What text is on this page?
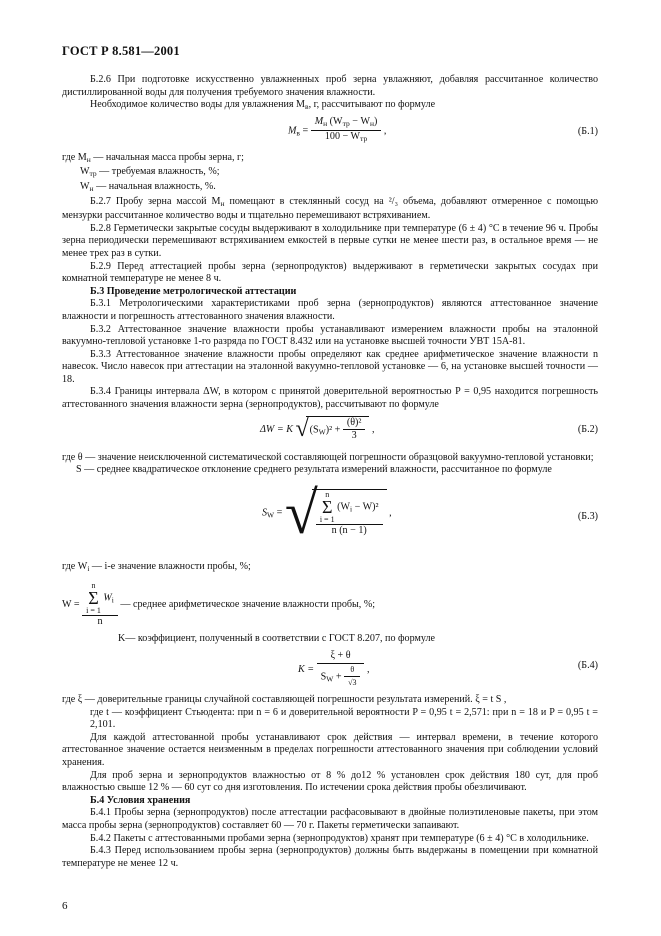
ГОСТ Р 8.581—2001

Б.2.6 При подготовке искусственно увлажненных проб зерна увлажняют, добавляя рассчитанное количество дистиллированной воды для получения требуемого значения влажности.

Необходимое количество воды для увлажнения $M_в$, г, рассчитывают по формуле

$M_в = \frac{M_н (W_{тр} - W_н)}{100 - W_{тр}}$ ,	(Б.1)

где $M_н$ — начальная масса пробы зерна, г;

$W_{тр}$ — требуемая влажность, %;

$W_н$ — начальная влажность, %.

Б.2.7 Пробу зерна массой $M_н$ помещают в стеклянный сосуд на ²/₃ объема, добавляют отмеренное с помощью мензурки рассчитанное количество воды и тщательно перемешивают встряхиванием.

Б.2.8 Герметически закрытые сосуды выдерживают в холодильнике при температуре (6 ± 4) °С в течение 96 ч. Пробы зерна периодически перемешивают встряхиванием емкостей в первые сутки не менее шести раз, в остальное время — не менее трех раз в сутки.

Б.2.9 Перед аттестацией пробы зерна (зернопродуктов) выдерживают в герметически закрытых сосудах при комнатной температуре не менее 8 ч.

Б.3 Проведение метрологической аттестации

Б.3.1 Метрологическими характеристиками проб зерна (зернопродуктов) являются аттестованное значение влажности и погрешность аттестованного значения влажности.

Б.3.2 Аттестованное значение влажности пробы устанавливают измерением влажности пробы на эталонной вакуумно-тепловой установке 1-го разряда по ГОСТ 8.432 или на установке высшей точности УВТ 15А-81.

Б.3.3 Аттестованное значение влажности пробы определяют как среднее арифметическое значение влажности n навесок. Число навесок при аттестации на эталонной вакуумно-тепловой установке — 6, на установке высшей точности — 18.

Б.3.4 Границы интервала ΔW, в котором с принятой доверительной вероятностью P = 0,95 находится погрешность аттестованного значения влажности зерна (зернопродуктов), рассчитывают по формуле

ΔW = K $√(S_W)^2 + \frac{\text{(θ)²}}{3}$ ,	(Б.2)

где θ — значение неисключенной систематической составляющей погрешности образцовой вакуумно-тепловой установки;

S — среднее квадратическое отклонение среднего результата измерений влажности, рассчитанное по формуле

$S_W$ = √
n
Σ
i = 1 $(W_i - W)^2$
n (n − 1) ,	(Б.3)

где $W_i$ — i-е значение влажности пробы, %;

W = n
Σ
i = 1 $W_i$
n — среднее арифметическое значение влажности пробы, %;

K— коэффициент, полученный в соответствии с ГОСТ 8.207, по формуле

$K = \frac{\xi + \theta}{S_W + \frac{\theta}{√3}}$ ,	(Б.4)

где ξ — доверительные границы случайной составляющей погрешности результата измерений. ξ = t S ,

где t — коэффициент Стьюдента: при n = 6 и доверительной вероятности P = 0,95 t = 2,571: при n = 18 и P = 0,95 t = 2,101.

Для каждой аттестованной пробы устанавливают срок действия — интервал времени, в течение которого аттестованное значение остается неизменным в пределах погрешности аттестованного значения при соблюдении условий хранения.

Для проб зерна и зернопродуктов влажностью от 8 % до12 % установлен срок действия 180 сут, для проб влажностью свыше 12 % — 60 сут со дня изготовления. По истечении срока действия пробы обезличивают.

Б.4 Условия хранения

Б.4.1 Пробы зерна (зернопродуктов) после аттестации расфасовывают в двойные полиэтиленовые пакеты, при этом масса пробы зерна (зернопродуктов) составляет 60 — 70 г. Пакеты герметически запаивают.

Б.4.2 Пакеты с аттестованными пробами зерна (зернопродуктов) хранят при температуре (6 ± 4) °С в холодильнике.

Б.4.3 Перед использованием пробы зерна (зернопродуктов) должны быть выдержаны в помещении при комнатной температуре не менее 12 ч.

6
